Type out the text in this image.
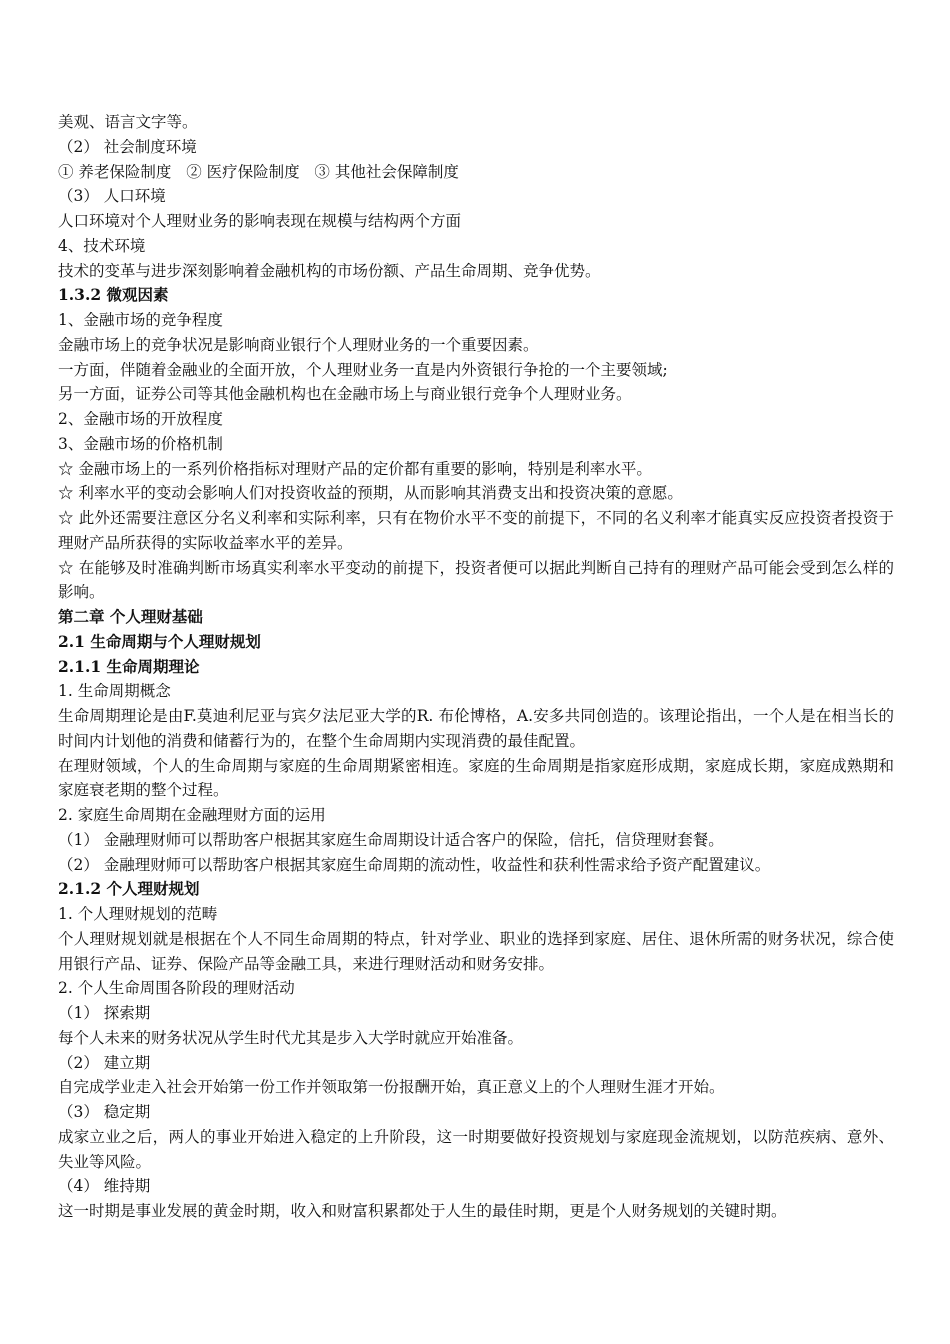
美观、语言文字等。

（2） 社会制度环境

① 养老保险制度   ② 医疗保险制度   ③ 其他社会保障制度

（3） 人口环境

人口环境对个人理财业务的影响表现在规模与结构两个方面

4、技术环境

技术的变革与进步深刻影响着金融机构的市场份额、产品生命周期、竞争优势。

1.3.2 微观因素

1、金融市场的竞争程度

金融市场上的竞争状况是影响商业银行个人理财业务的一个重要因素。

一方面，伴随着金融业的全面开放，个人理财业务一直是内外资银行争抢的一个主要领域;

另一方面，证券公司等其他金融机构也在金融市场上与商业银行竞争个人理财业务。

2、金融市场的开放程度

3、金融市场的价格机制

☆ 金融市场上的一系列价格指标对理财产品的定价都有重要的影响，特别是利率水平。

☆ 利率水平的变动会影响人们对投资收益的预期，从而影响其消费支出和投资决策的意愿。

☆ 此外还需要注意区分名义利率和实际利率，只有在物价水平不变的前提下，不同的名义利率才能真实反应投资者投资于理财产品所获得的实际收益率水平的差异。

☆ 在能够及时准确判断市场真实利率水平变动的前提下，投资者便可以据此判断自己持有的理财产品可能会受到怎么样的影响。

第二章 个人理财基础

2.1 生命周期与个人理财规划

2.1.1 生命周期理论

1. 生命周期概念

生命周期理论是由F.莫迪利尼亚与宾夕法尼亚大学的R. 布伦博格，A.安多共同创造的。该理论指出，一个人是在相当长的时间内计划他的消费和储蓄行为的，在整个生命周期内实现消费的最佳配置。

在理财领域，个人的生命周期与家庭的生命周期紧密相连。家庭的生命周期是指家庭形成期，家庭成长期，家庭成熟期和家庭衰老期的整个过程。

2. 家庭生命周期在金融理财方面的运用

（1） 金融理财师可以帮助客户根据其家庭生命周期设计适合客户的保险，信托，信贷理财套餐。

（2） 金融理财师可以帮助客户根据其家庭生命周期的流动性，收益性和获利性需求给予资产配置建议。

2.1.2 个人理财规划

1. 个人理财规划的范畴

个人理财规划就是根据在个人不同生命周期的特点，针对学业、职业的选择到家庭、居住、退休所需的财务状况，综合使用银行产品、证券、保险产品等金融工具，来进行理财活动和财务安排。

2. 个人生命周围各阶段的理财活动

（1） 探索期

每个人未来的财务状况从学生时代尤其是步入大学时就应开始准备。

（2） 建立期

自完成学业走入社会开始第一份工作并领取第一份报酬开始，真正意义上的个人理财生涯才开始。

（3） 稳定期

成家立业之后，两人的事业开始进入稳定的上升阶段，这一时期要做好投资规划与家庭现金流规划，以防范疾病、意外、失业等风险。

（4） 维持期

这一时期是事业发展的黄金时期，收入和财富积累都处于人生的最佳时期，更是个人财务规划的关键时期。
